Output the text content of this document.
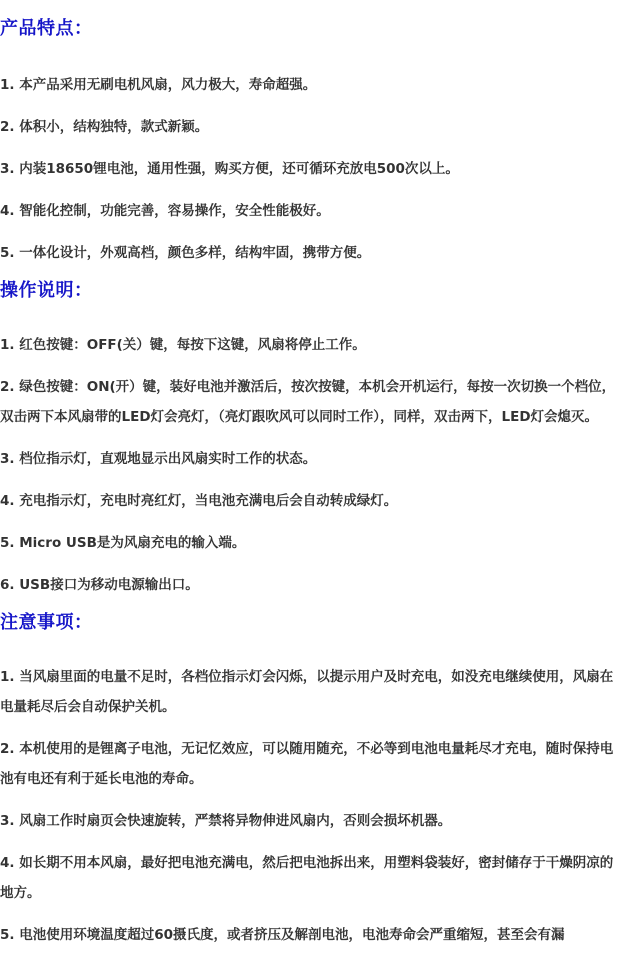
产品特点：
1. 本产品采用无刷电机风扇，风力极大，寿命超强。
2. 体积小，结构独特，款式新颖。
3. 内装18650锂电池，通用性强，购买方便，还可循环充放电500次以上。
4. 智能化控制，功能完善，容易操作，安全性能极好。
5. 一体化设计，外观高档，颜色多样，结构牢固，携带方便。
操作说明：
1. 红色按键：OFF(关）键，每按下这键，风扇将停止工作。
2. 绿色按键：ON(开）键，装好电池并激活后，按次按键，本机会开机运行，每按一次切换一个档位，双击两下本风扇带的LED灯会亮灯，（亮灯跟吹风可以同时工作），同样，双击两下，LED灯会熄灭。
3. 档位指示灯，直观地显示出风扇实时工作的状态。
4. 充电指示灯，充电时亮红灯，当电池充满电后会自动转成绿灯。
5. Micro USB是为风扇充电的输入端。
6. USB接口为移动电源输出口。
注意事项：
1. 当风扇里面的电量不足时，各档位指示灯会闪烁，以提示用户及时充电，如没充电继续使用，风扇在电量耗尽后会自动保护关机。
2. 本机使用的是锂离子电池，无记忆效应，可以随用随充，不必等到电池电量耗尽才充电，随时保持电池有电还有利于延长电池的寿命。
3. 风扇工作时扇页会快速旋转，严禁将异物伸进风扇内，否则会损坏机器。
4. 如长期不用本风扇，最好把电池充满电，然后把电池拆出来，用塑料袋装好，密封储存于干燥阴凉的地方。
5. 电池使用环境温度超过60摄氏度，或者挤压及解剖电池，电池寿命会严重缩短，甚至会有漏
